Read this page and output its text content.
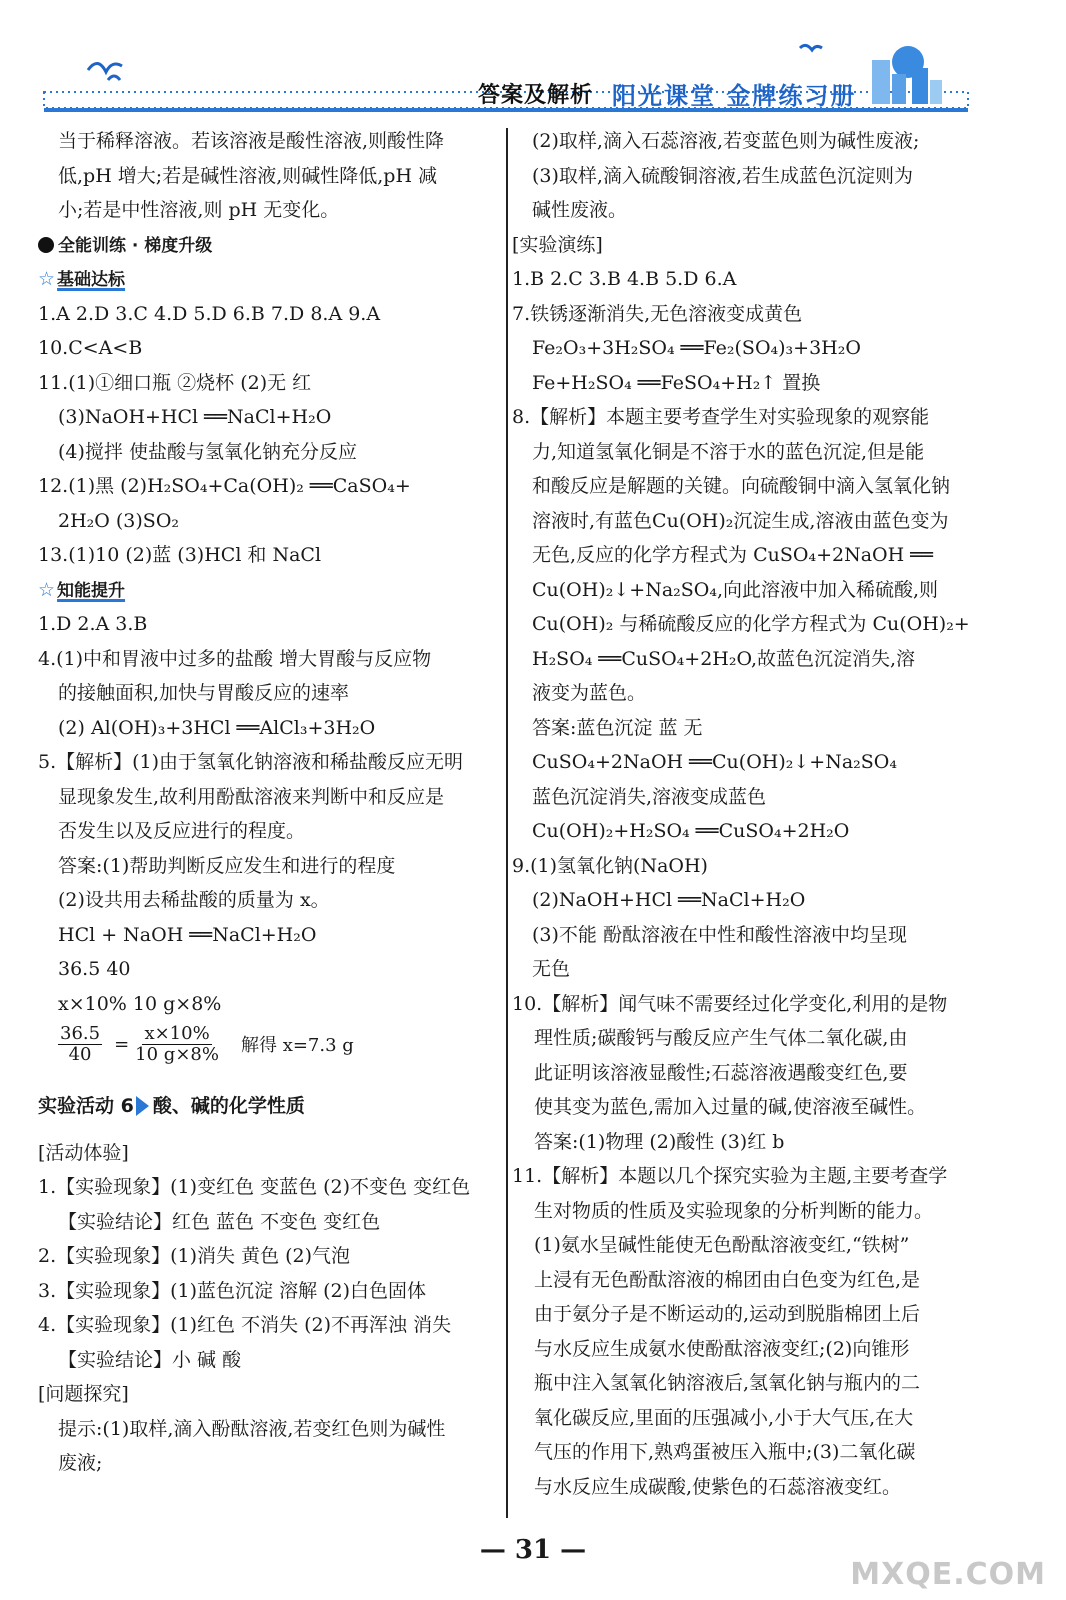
答案及解析 阳光课堂 金牌练习册
当于稀释溶液。若该溶液是酸性溶液,则酸性降
低,pH 增大;若是碱性溶液,则碱性降低,pH 减
小;若是中性溶液,则 pH 无变化。
全能训练 · 梯度升级
☆ 基础达标
1.A 2.D 3.C 4.D 5.D 6.B 7.D 8.A 9.A
10.C<A<B
11.(1)①细口瓶 ②烧杯 (2)无 红
(3)NaOH+HCl ══NaCl+H₂O
(4)搅拌 使盐酸与氢氧化钠充分反应
12.(1)黑 (2)H₂SO₄+Ca(OH)₂ ══CaSO₄+
2H₂O (3)SO₂
13.(1)10 (2)蓝 (3)HCl 和 NaCl
☆ 知能提升
1.D 2.A 3.B
4.(1)中和胃液中过多的盐酸 增大胃酸与反应物
的接触面积,加快与胃酸反应的速率
(2) Al(OH)₃+3HCl ══AlCl₃+3H₂O
5.【解析】(1)由于氢氧化钠溶液和稀盐酸反应无明
显现象发生,故利用酚酞溶液来判断中和反应是
否发生以及反应进行的程度。
答案:(1)帮助判断反应发生和进行的程度
(2)设共用去稀盐酸的质量为 x。
HCl + NaOH ══NaCl+H₂O
36.5 40
x×10% 10 g×8%
$\frac{36.5}{40} = \frac{x\times 10\%}{10 g\times 8\%}$ 解得 x=7.3 g
实验活动 6 酸、碱的化学性质
[活动体验]
1.【实验现象】(1)变红色 变蓝色 (2)不变色 变红色
【实验结论】红色 蓝色 不变色 变红色
2.【实验现象】(1)消失 黄色 (2)气泡
3.【实验现象】(1)蓝色沉淀 溶解 (2)白色固体
4.【实验现象】(1)红色 不消失 (2)不再浑浊 消失
【实验结论】小 碱 酸
[问题探究]
提示:(1)取样,滴入酚酞溶液,若变红色则为碱性
废液;
(2)取样,滴入石蕊溶液,若变蓝色则为碱性废液;
(3)取样,滴入硫酸铜溶液,若生成蓝色沉淀则为
碱性废液。
[实验演练]
1.B 2.C 3.B 4.B 5.D 6.A
7.铁锈逐渐消失,无色溶液变成黄色
Fe₂O₃+3H₂SO₄ ══Fe₂(SO₄)₃+3H₂O
Fe+H₂SO₄ ══FeSO₄+H₂↑ 置换
8.【解析】本题主要考查学生对实验现象的观察能
力,知道氢氧化铜是不溶于水的蓝色沉淀,但是能
和酸反应是解题的关键。向硫酸铜中滴入氢氧化钠
溶液时,有蓝色Cu(OH)₂沉淀生成,溶液由蓝色变为
无色,反应的化学方程式为 CuSO₄+2NaOH ══
Cu(OH)₂↓+Na₂SO₄,向此溶液中加入稀硫酸,则
Cu(OH)₂ 与稀硫酸反应的化学方程式为 Cu(OH)₂+
H₂SO₄ ══CuSO₄+2H₂O,故蓝色沉淀消失,溶
液变为蓝色。
答案:蓝色沉淀 蓝 无
CuSO₄+2NaOH ══Cu(OH)₂↓+Na₂SO₄
蓝色沉淀消失,溶液变成蓝色
Cu(OH)₂+H₂SO₄ ══CuSO₄+2H₂O
9.(1)氢氧化钠(NaOH)
(2)NaOH+HCl ══NaCl+H₂O
(3)不能 酚酞溶液在中性和酸性溶液中均呈现
无色
10.【解析】闻气味不需要经过化学变化,利用的是物
理性质;碳酸钙与酸反应产生气体二氧化碳,由
此证明该溶液显酸性;石蕊溶液遇酸变红色,要
使其变为蓝色,需加入过量的碱,使溶液至碱性。
答案:(1)物理 (2)酸性 (3)红 b
11.【解析】本题以几个探究实验为主题,主要考查学
生对物质的性质及实验现象的分析判断的能力。
(1)氨水呈碱性能使无色酚酞溶液变红,“铁树”
上浸有无色酚酞溶液的棉团由白色变为红色,是
由于氨分子是不断运动的,运动到脱脂棉团上后
与水反应生成氨水使酚酞溶液变红;(2)向锥形
瓶中注入氢氧化钠溶液后,氢氧化钠与瓶内的二
氧化碳反应,里面的压强减小,小于大气压,在大
气压的作用下,熟鸡蛋被压入瓶中;(3)二氧化碳
与水反应生成碳酸,使紫色的石蕊溶液变红。
— 31 —
MXQE.COM
